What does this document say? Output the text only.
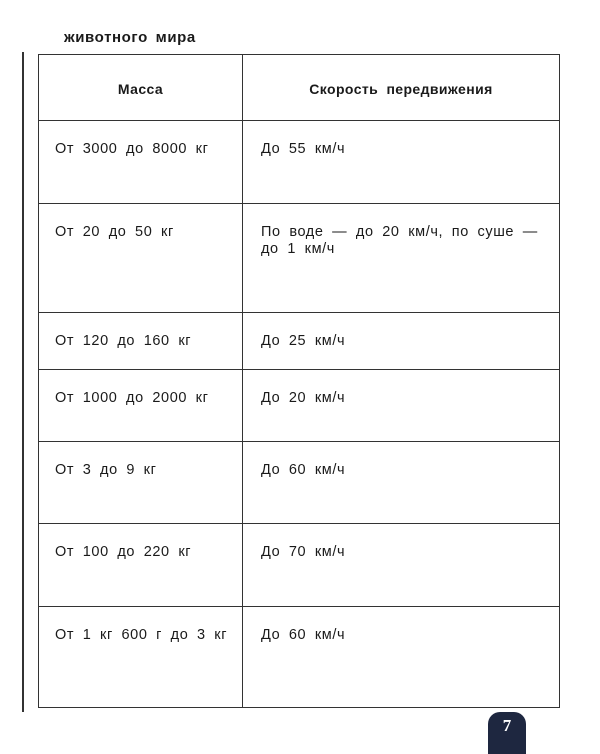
животного мира
Масса	Скорость передвижения
От 3000 до 8000 кг	До 55 км/ч
От 20 до 50 кг	По воде — до 20 км/ч, по суше — до 1 км/ч
От 120 до 160 кг	До 25 км/ч
От 1000 до 2000 кг	До 20 км/ч
От 3 до 9 кг	До 60 км/ч
От 100 до 220 кг	До 70 км/ч
От 1 кг 600 г до 3 кг	До 60 км/ч
7
